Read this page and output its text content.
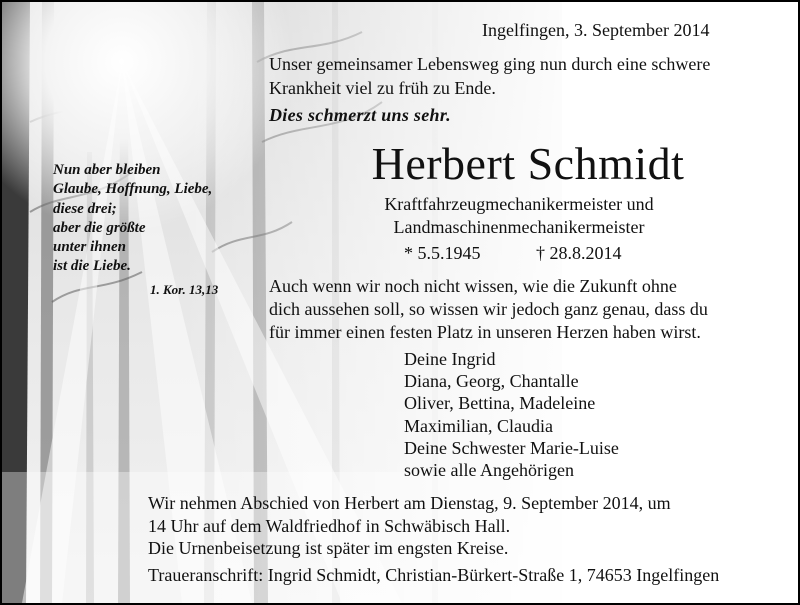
Ingelfingen, 3. September 2014
Unser gemeinsamer Lebensweg ging nun durch eine schwere
Krankheit viel zu früh zu Ende.
Dies schmerzt uns sehr.
Nun aber bleiben
Glaube, Hoffnung, Liebe,
diese drei;
aber die größte
unter ihnen
ist die Liebe.
1. Kor. 13,13
Herbert Schmidt
Kraftfahrzeugmechanikermeister und
Landmaschinenmechanikermeister
* 5.5.1945	† 28.8.2014
Auch wenn wir noch nicht wissen, wie die Zukunft ohne
dich aussehen soll, so wissen wir jedoch ganz genau, dass du
für immer einen festen Platz in unseren Herzen haben wirst.
Deine Ingrid
Diana, Georg, Chantalle
Oliver, Bettina, Madeleine
Maximilian, Claudia
Deine Schwester Marie-Luise
sowie alle Angehörigen
Wir nehmen Abschied von Herbert am Dienstag, 9. September 2014, um
14 Uhr auf dem Waldfriedhof in Schwäbisch Hall.
Die Urnenbeisetzung ist später im engsten Kreise.
Traueranschrift: Ingrid Schmidt, Christian-Bürkert-Straße 1, 74653 Ingelfingen
